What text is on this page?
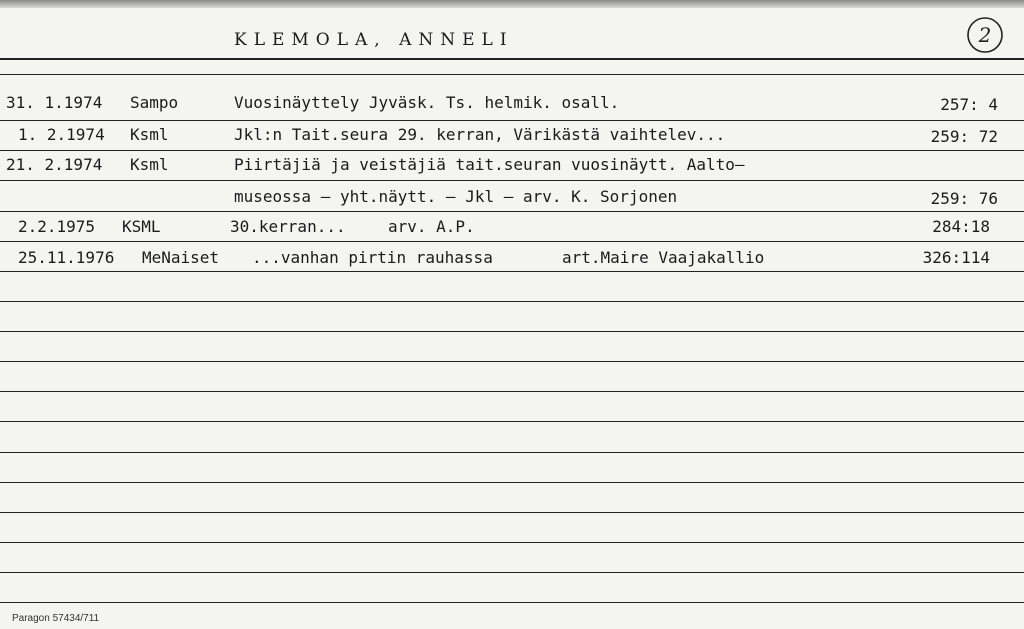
KLEMOLA, ANNELI	2
31. 1.1974 Sampo	Vuosinäyttely Jyväsk. Ts. helmik. osall.	257: 4
1. 2.1974 Ksml	Jkl:n Tait.seura 29. kerran, Värikästä vaihtelev...	259: 72
21. 2.1974 Ksml	Piirtäjiä ja veistäjiä tait.seuran vuosinäytt. Aalto–
museossa – yht.näytt. – Jkl – arv. K. Sorjonen	259: 76
2.2.1975 KSML	30.kerran...	arv. A.P.	284:18
25.11.1976 MeNaiset ...vanhan pirtin rauhassa	art.Maire Vaajakallio	326:114
Paragon 57434/711
